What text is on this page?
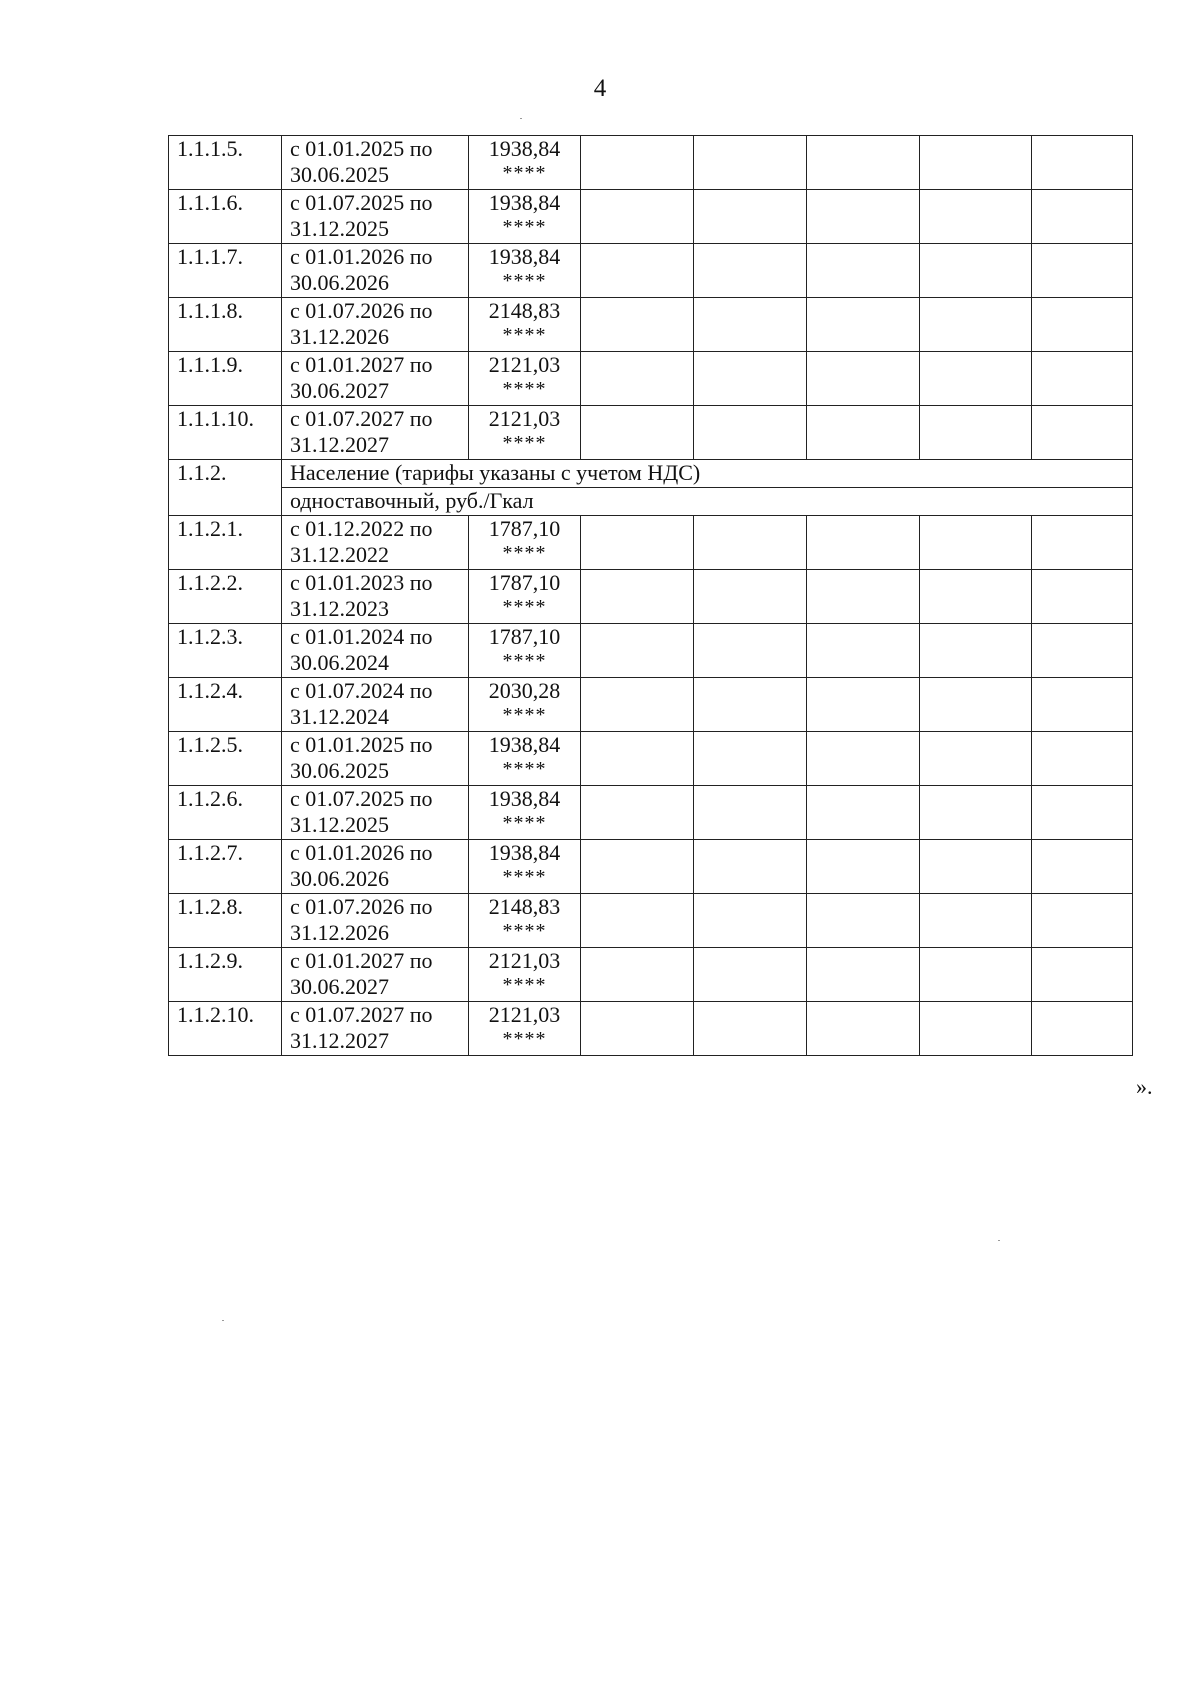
4
1.1.1.5.	с 01.01.2025 по
30.06.2025	1938,84
****					

1.1.1.6.	с 01.07.2025 по
31.12.2025	1938,84
****					

1.1.1.7.	с 01.01.2026 по
30.06.2026	1938,84
****					

1.1.1.8.	с 01.07.2026 по
31.12.2026	2148,83
****					

1.1.1.9.	с 01.01.2027 по
30.06.2027	2121,03
****					

1.1.1.10.	с 01.07.2027 по
31.12.2027	2121,03
****					

1.1.2.	Население (тарифы указаны с учетом НДС)						
	одноставочный, руб./Гкал						
1.1.2.1.	с 01.12.2022 по
31.12.2022	1787,10
****					

1.1.2.2.	с 01.01.2023 по
31.12.2023	1787,10
****					

1.1.2.3.	с 01.01.2024 по
30.06.2024	1787,10
****					

1.1.2.4.	с 01.07.2024 по
31.12.2024	2030,28
****					

1.1.2.5.	с 01.01.2025 по
30.06.2025	1938,84
****					

1.1.2.6.	с 01.07.2025 по
31.12.2025	1938,84
****					

1.1.2.7.	с 01.01.2026 по
30.06.2026	1938,84
****					

1.1.2.8.	с 01.07.2026 по
31.12.2026	2148,83
****					

1.1.2.9.	с 01.01.2027 по
30.06.2027	2121,03
****					

1.1.2.10.	с 01.07.2027 по
31.12.2027	2121,03
****					

».
